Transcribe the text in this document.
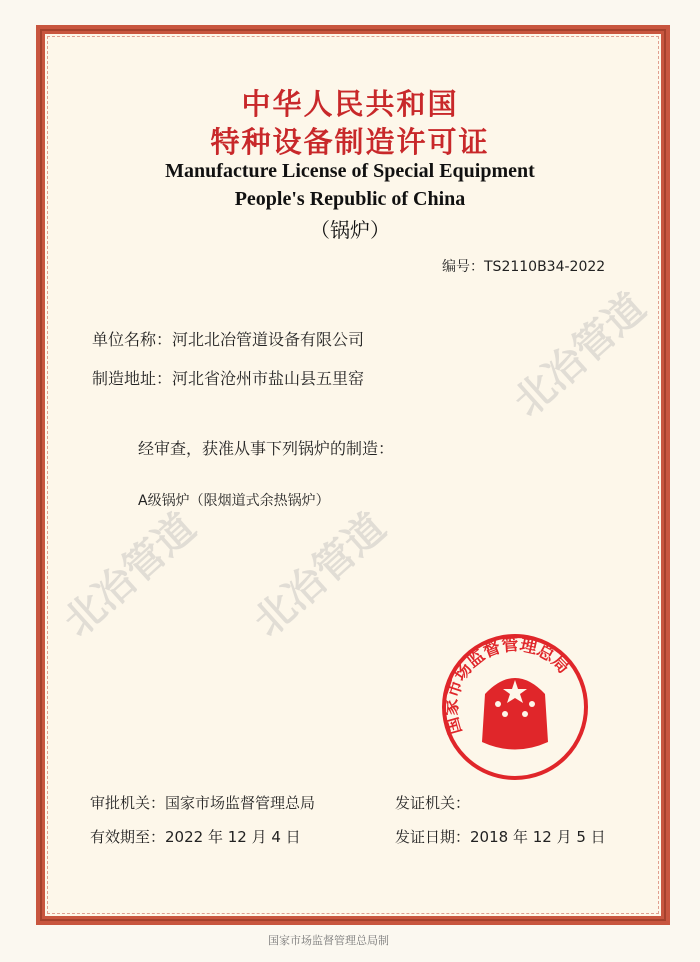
中华人民共和国
特种设备制造许可证
Manufacture License of Special Equipment
People's Republic of China
（锅炉）
编号：TS2110B34-2022
单位名称：河北北冶管道设备有限公司
制造地址：河北省沧州市盐山县五里窑
经审查，获准从事下列锅炉的制造：
A级锅炉（限烟道式余热锅炉）
审批机关：国家市场监督管理总局
有效期至：2022 年 12 月 4 日
国家市场监督管理总局
发证机关：
发证日期：2018 年 12 月 5 日
国家市场监督管理总局制
北冶管道 北冶管道
北冶管道
